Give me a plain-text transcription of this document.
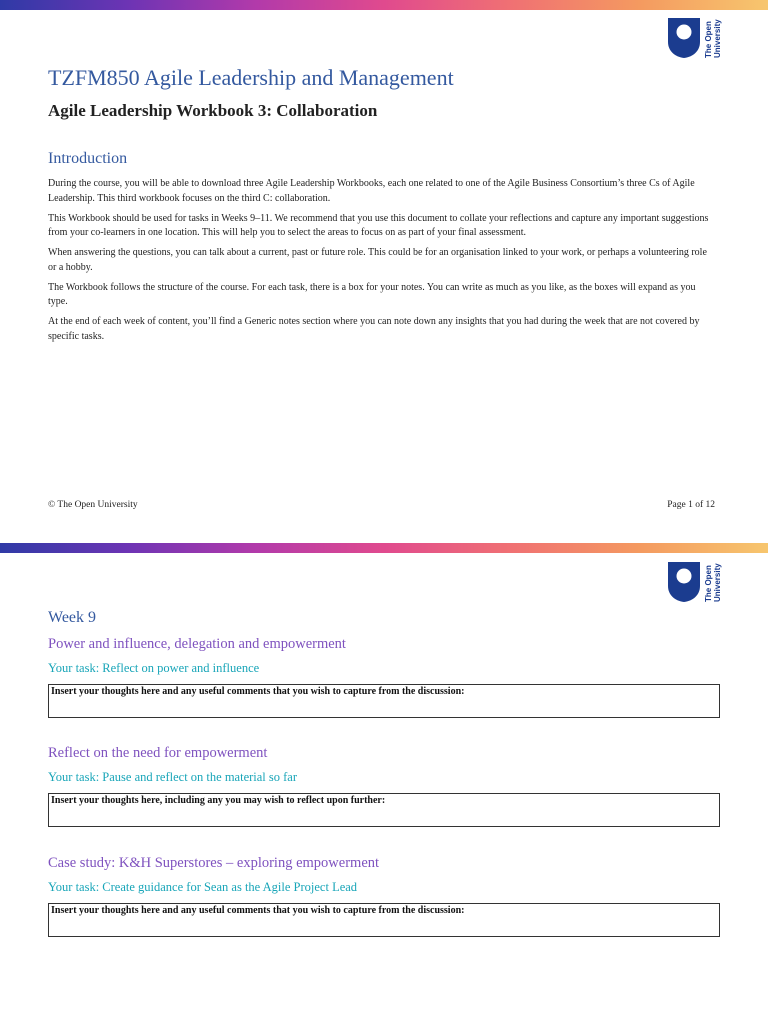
The Open University
TZFM850 Agile Leadership and Management
Agile Leadership Workbook 3: Collaboration
Introduction

During the course, you will be able to download three Agile Leadership Workbooks, each one related to one of the Agile Business Consortium’s three Cs of Agile Leadership. This third workbook focuses on the third C: collaboration.

This Workbook should be used for tasks in Weeks 9–11. We recommend that you use this document to collate your reflections and capture any important suggestions from your co-learners in one location. This will help you to select the areas to focus on as part of your final assessment.

When answering the questions, you can talk about a current, past or future role. This could be for an organisation linked to your work, or perhaps a volunteering role or a hobby.

The Workbook follows the structure of the course. For each task, there is a box for your notes. You can write as much as you like, as the boxes will expand as you type.

At the end of each week of content, you’ll find a Generic notes section where you can note down any insights that you had during the week that are not covered by specific tasks.

© The Open University	Page 1 of 12
The Open University
Week 9
Power and influence, delegation and empowerment
Your task: Reflect on power and influence
Insert your thoughts here and any useful comments that you wish to capture from the discussion:
Reflect on the need for empowerment
Your task: Pause and reflect on the material so far
Insert your thoughts here, including any you may wish to reflect upon further:
Case study: K&H Superstores – exploring empowerment
Your task: Create guidance for Sean as the Agile Project Lead
Insert your thoughts here and any useful comments that you wish to capture from the discussion:
